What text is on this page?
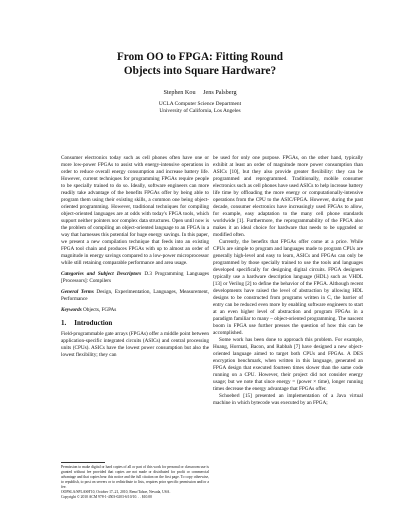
From OO to FPGA: Fitting Round
Objects into Square Hardware?
Stephen Kou Jens Palsberg
UCLA Computer Science Department
University of California, Los Angeles

Consumer electronics today such as cell phones often have one or more low-power FPGAs to assist with energy-intensive operations in order to reduce overall energy consumption and increase battery life. However, current techniques for programming FPGAs require people to be specially trained to do so. Ideally, software engineers can more readily take advantage of the benefits FPGAs offer by being able to program them using their existing skills, a common one being object-oriented programming. However, traditional techniques for compiling object-oriented languages are at odds with today's FPGA tools, which support neither pointers nor complex data structures. Open until now is the problem of compiling an object-oriented language to an FPGA in a way that harnesses this potential for huge energy savings. In this paper, we present a new compilation technique that feeds into an existing FPGA tool chain and produces FPGAs with up to almost an order of magnitude in energy savings compared to a low-power microprocessor while still retaining comparable performance and area usage.

Categories and Subject Descriptors D.3 Programming Languages [Processors]: Compilers

General Terms Design, Experimentation, Languages, Measurement, Performance

Keywords Objects, FGPAs

1. Introduction

Field-programmable gate arrays (FPGAs) offer a middle point between application-specific integrated circuits (ASICs) and central processing units (CPUs). ASICs have the lowest power consumption but also the lowest flexibility; they can

Permission to make digital or hard copies of all or part of this work for personal or classroom use is granted without fee provided that copies are not made or distributed for profit or commercial advantage and that copies bear this notice and the full citation on the first page. To copy otherwise, to republish, to post on servers or to redistribute to lists, requires prior specific permission and/or a fee.
OOPSLA/SPLASH'10, October 17–21, 2010, Reno/Tahoe, Nevada, USA.
Copyright © 2010 ACM 978-1-4503-0203-6/10/10. . . $10.00

be used for only one purpose. FPGAs, on the other hand, typically exhibit at least an order of magnitude more power consumption than ASICs [10], but they also provide greater flexibility: they can be programmed and reprogrammed. Traditionally, mobile consumer electronics such as cell phones have used ASICs to help increase battery life time by offloading the more energy or computationally-intensive operations from the CPU to the ASIC/FPGA. However, during the past decade, consumer electronics have increasingly used FPGAs to allow, for example, easy adaptation to the many cell phone standards worldwide [1]. Furthermore, the reprogrammability of the FPGA also makes it an ideal choice for hardware that needs to be upgraded or modified often.

Currently, the benefits that FPGAs offer come at a price. While CPUs are simple to program and languages made to program CPUs are generally high-level and easy to learn, ASICs and FPGAs can only be programmed by those specially trained to use the tools and languages developed specifically for designing digital circuits. FPGA designers typically use a hardware description language (HDL) such as VHDL [13] or Verilog [2] to define the behavior of the FPGA. Although recent developments have raised the level of abstraction by allowing HDL designs to be constructed from programs written in C, the barrier of entry can be reduced even more by enabling software engineers to start at an even higher level of abstraction and program FPGAs in a paradigm familiar to many – object-oriented programming. The nascent boom in FPGA use further presses the question of how this can be accomplished.

Some work has been done to approach this problem. For example, Huang, Hormati, Bacon, and Rabbah [7] have designed a new object-oriented language aimed to target both CPUs and FPGAs. A DES encryption benchmark, when written in this language, generated an FPGA design that executed fourteen times slower than the same code running on a CPU. However, their project did not consider energy usage; but we note that since energy = (power × time), longer running times decrease the energy advantage that FPGAs offer.

Schoeberl [15] presented an implementation of a Java virtual machine in which bytecode was executed by an FPGA;
